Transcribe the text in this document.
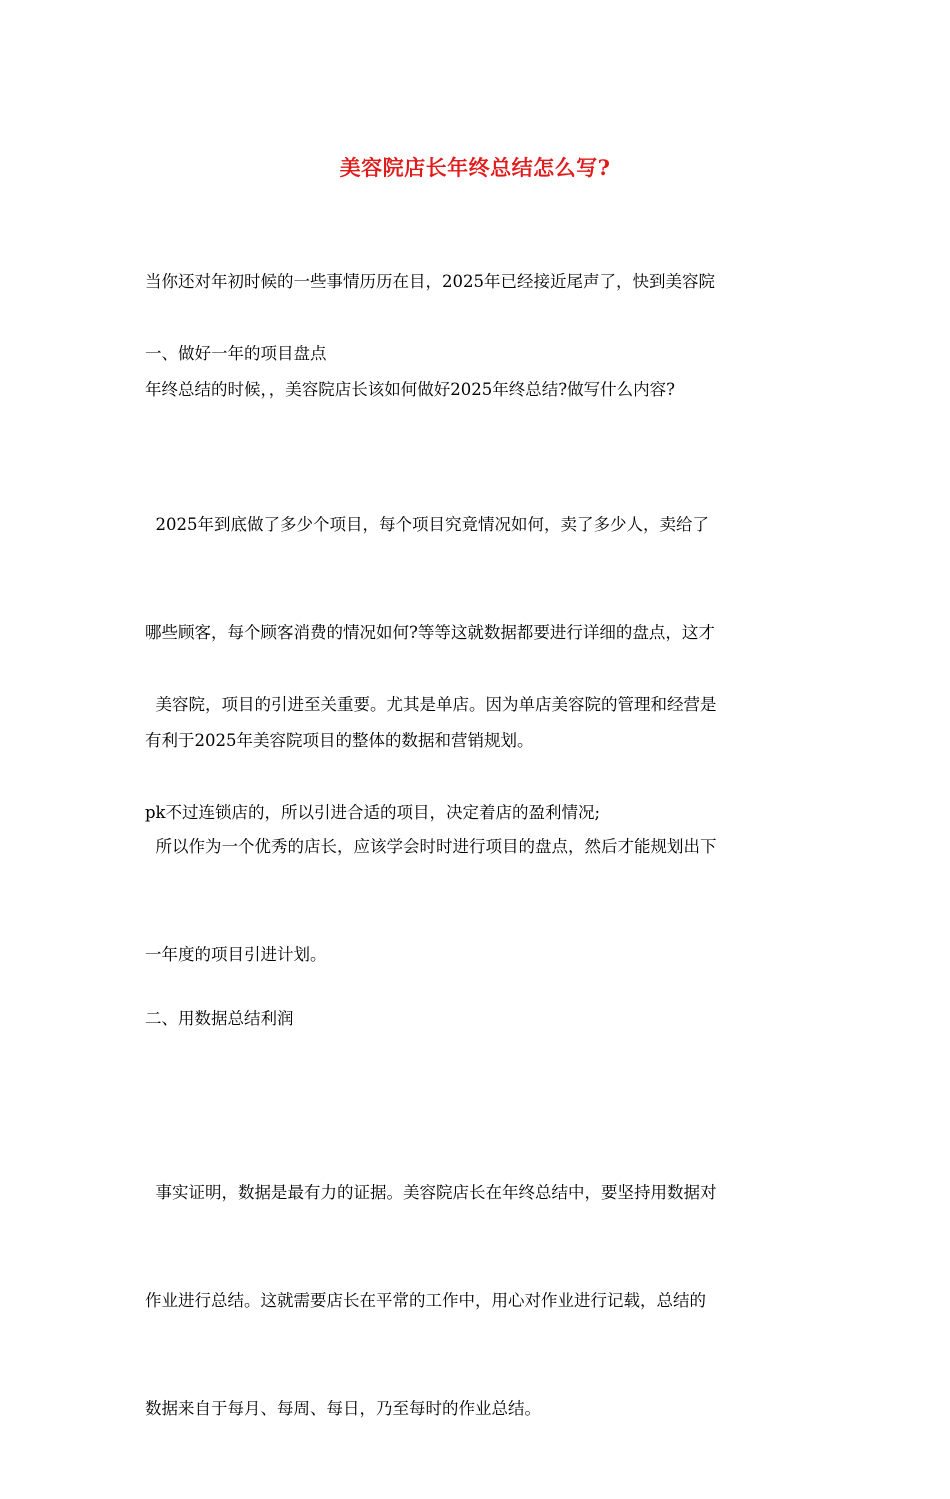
美容院店长年终总结怎么写?

当你还对年初时候的一些事情历历在目，2025年已经接近尾声了，快到美容院

年终总结的时候，，美容院店长该如何做好2025年终总结?做写什么内容?

一、做好一年的项目盘点

2025年到底做了多少个项目，每个项目究竟情况如何，卖了多少人，卖给了

哪些顾客，每个顾客消费的情况如何?等等这就数据都要进行详细的盘点，这才

有利于2025年美容院项目的整体的数据和营销规划。

美容院，项目的引进至关重要。尤其是单店。因为单店美容院的管理和经营是

pk不过连锁店的，所以引进合适的项目，决定着店的盈利情况;

所以作为一个优秀的店长，应该学会时时进行项目的盘点，然后才能规划出下

一年度的项目引进计划。

二、用数据总结利润

事实证明，数据是最有力的证据。美容院店长在年终总结中，要坚持用数据对

作业进行总结。这就需要店长在平常的工作中，用心对作业进行记载，总结的

数据来自于每月、每周、每日，乃至每时的作业总结。
